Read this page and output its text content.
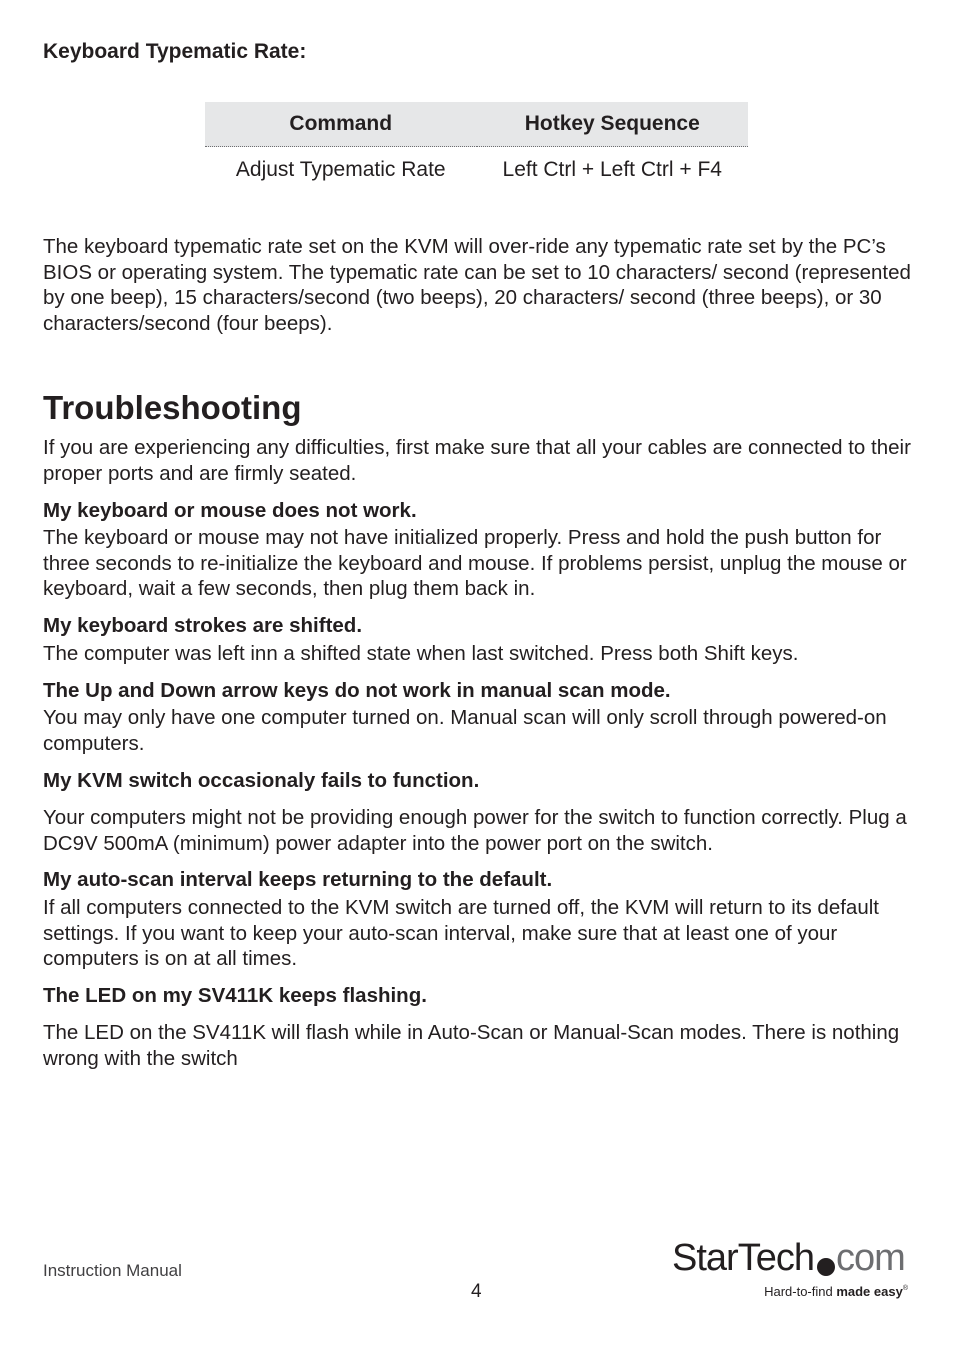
Keyboard Typematic Rate:
Command	Hotkey Sequence
Adjust Typematic Rate	Left Ctrl + Left Ctrl + F4

The keyboard typematic rate set on the KVM will over-ride any typematic rate set by the PC’s BIOS or operating system. The typematic rate can be set to 10 characters/ second (represented by one beep), 15 characters/second (two beeps), 20 characters/ second (three beeps), or 30 characters/second (four beeps).

Troubleshooting

If you are experiencing any difficulties, first make sure that all your cables are connected to their proper ports and are firmly seated.

My keyboard or mouse does not work.

The keyboard or mouse may not have initialized properly. Press and hold the push button for three seconds to re-initialize the keyboard and mouse. If problems persist, unplug the mouse or keyboard, wait a few seconds, then plug them back in.

My keyboard strokes are shifted.

The computer was left inn a shifted state when last switched. Press both Shift keys.

The Up and Down arrow keys do not work in manual scan mode.

You may only have one computer turned on. Manual scan will only scroll through powered-on computers.

My KVM switch occasionaly fails to function.

Your computers might not be providing enough power for the switch to function correctly. Plug a DC9V 500mA (minimum) power adapter into the power port on the switch.

My auto-scan interval keeps returning to the default.

If all computers connected to the KVM switch are turned off, the KVM will return to its default settings. If you want to keep your auto-scan interval, make sure that at least one of your computers is on at all times.

The LED on my SV411K keeps flashing.

The LED on the SV411K will flash while in Auto-Scan or Manual-Scan modes. There is nothing wrong with the switch

Instruction Manual
4
StarTech com
Hard-to-find made easy®
